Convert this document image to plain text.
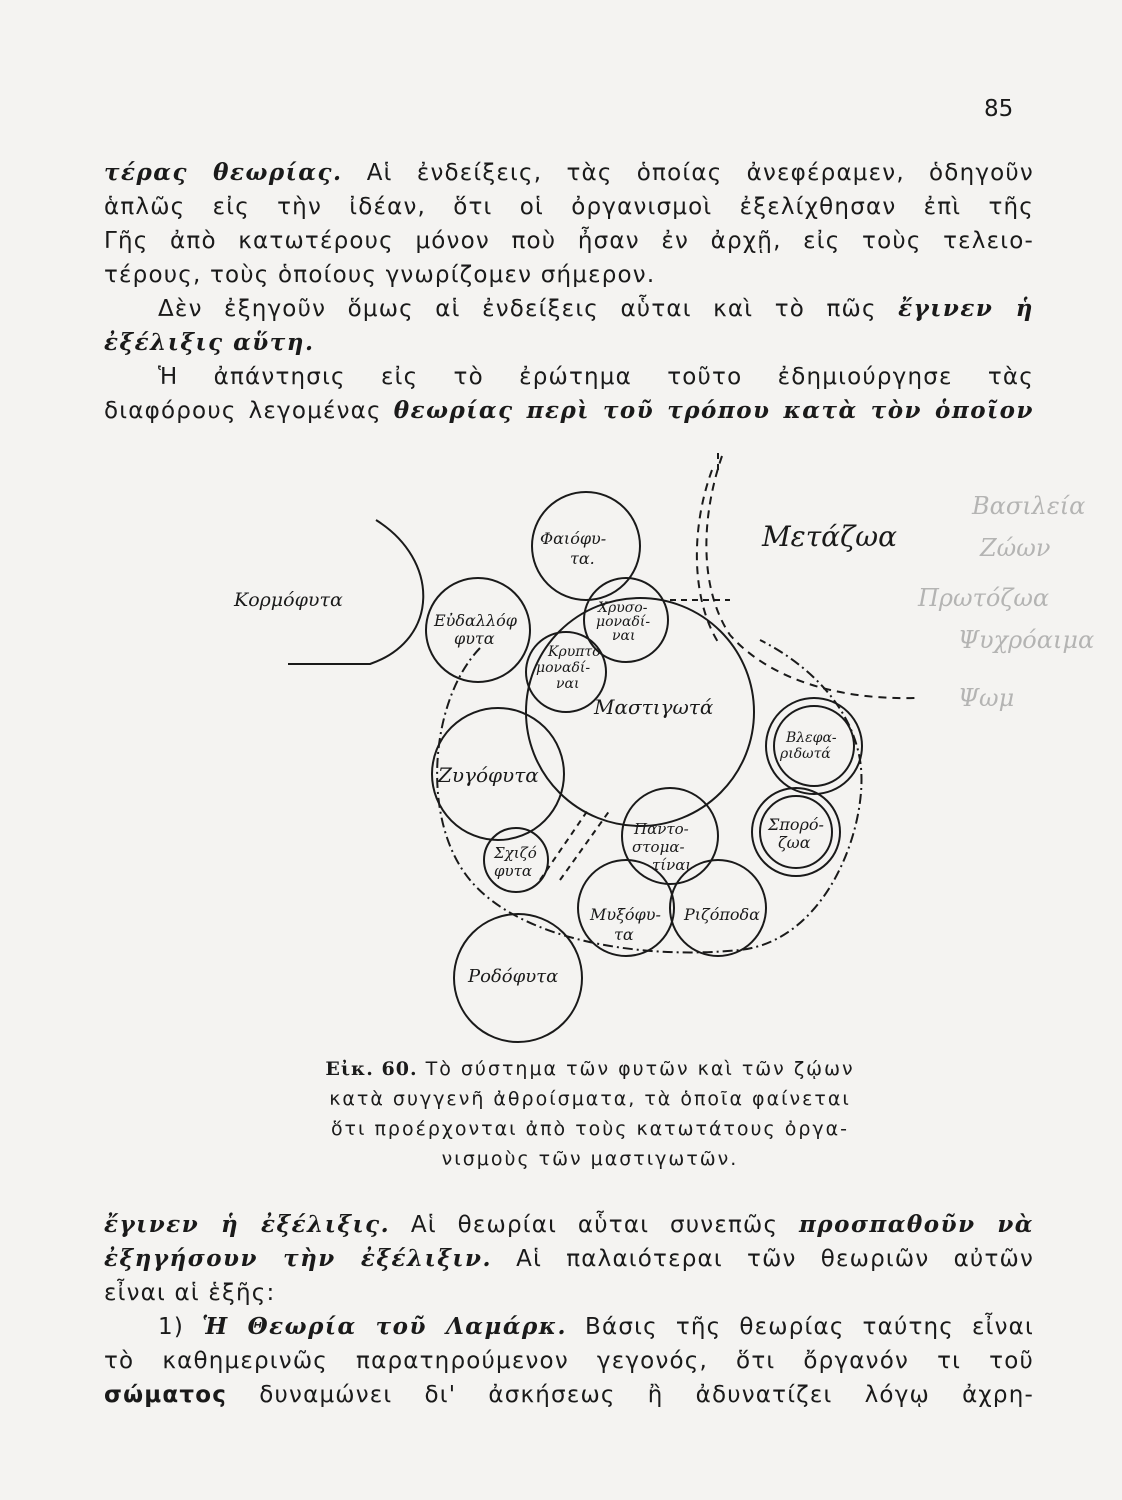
85
τέρας θεωρίας. Αἱ ἐνδείξεις, τὰς ὁποίας ἀνεφέραμεν, ὁδηγοῦν
ἁπλῶς εἰς τὴν ἰδέαν, ὅτι οἱ ὀργανισμοὶ ἐξελίχθησαν ἐπὶ τῆς
Γῆς ἀπὸ κατωτέρους μόνον ποὺ ἦσαν ἐν ἀρχῇ, εἰς τοὺς τελειο-
τέρους, τοὺς ὁποίους γνωρίζομεν σήμερον.
Δὲν ἐξηγοῦν ὅμως αἱ ἐνδείξεις αὗται καὶ τὸ πῶς ἔγινεν ἡ
ἐξέλιξις αὕτη.
Ἡ ἀπάντησις εἰς τὸ ἐρώτημα τοῦτο ἐδημιούργησε τὰς
διαφόρους λεγομένας θεωρίας περὶ τοῦ τρόπου κατὰ τὸν ὁποῖον
Κορμόφυτα
Μετάζωα
Φαιόφυ-
τα.
Χρυσο-
μοναδί-
ναι
Εὐδαλλόφ
φυτα
Κρυπτο
μοναδί-
ναι
Μαστιγωτά
Βλεφα-
ριδωτά
Ζυγόφυτα
Σπορό-
ζωα
Παντο-
στομα-
τίναι
Σχιζό
φυτα
Μυξόφυ-
τα
Ριζόποδα
Ροδόφυτα
Βασιλεία
Ζώων
Πρωτόζωα
Ψυχρόαιμα
Ψωμ
Εἰκ. 60. Τὸ σύστημα τῶν φυτῶν καὶ τῶν ζῴων
κατὰ συγγενῆ ἀθροίσματα, τὰ ὁποῖα φαίνεται
ὅτι προέρχονται ἀπὸ τοὺς κατωτάτους ὀργα-
νισμοὺς τῶν μαστιγωτῶν.
ἔγινεν ἡ ἐξέλιξις. Αἱ θεωρίαι αὗται συνεπῶς προσπαθοῦν νὰ
ἐξηγήσουν τὴν ἐξέλιξιν. Αἱ παλαιότεραι τῶν θεωριῶν αὐτῶν
εἶναι αἱ ἑξῆς:
1) Ἡ Θεωρία τοῦ Λαμάρκ. Βάσις τῆς θεωρίας ταύτης εἶναι
τὸ καθημερινῶς παρατηρούμενον γεγονός, ὅτι ὄργανόν τι τοῦ
σώματος δυναμώνει δι' ἀσκήσεως ἢ ἀδυνατίζει λόγῳ ἀχρη-
